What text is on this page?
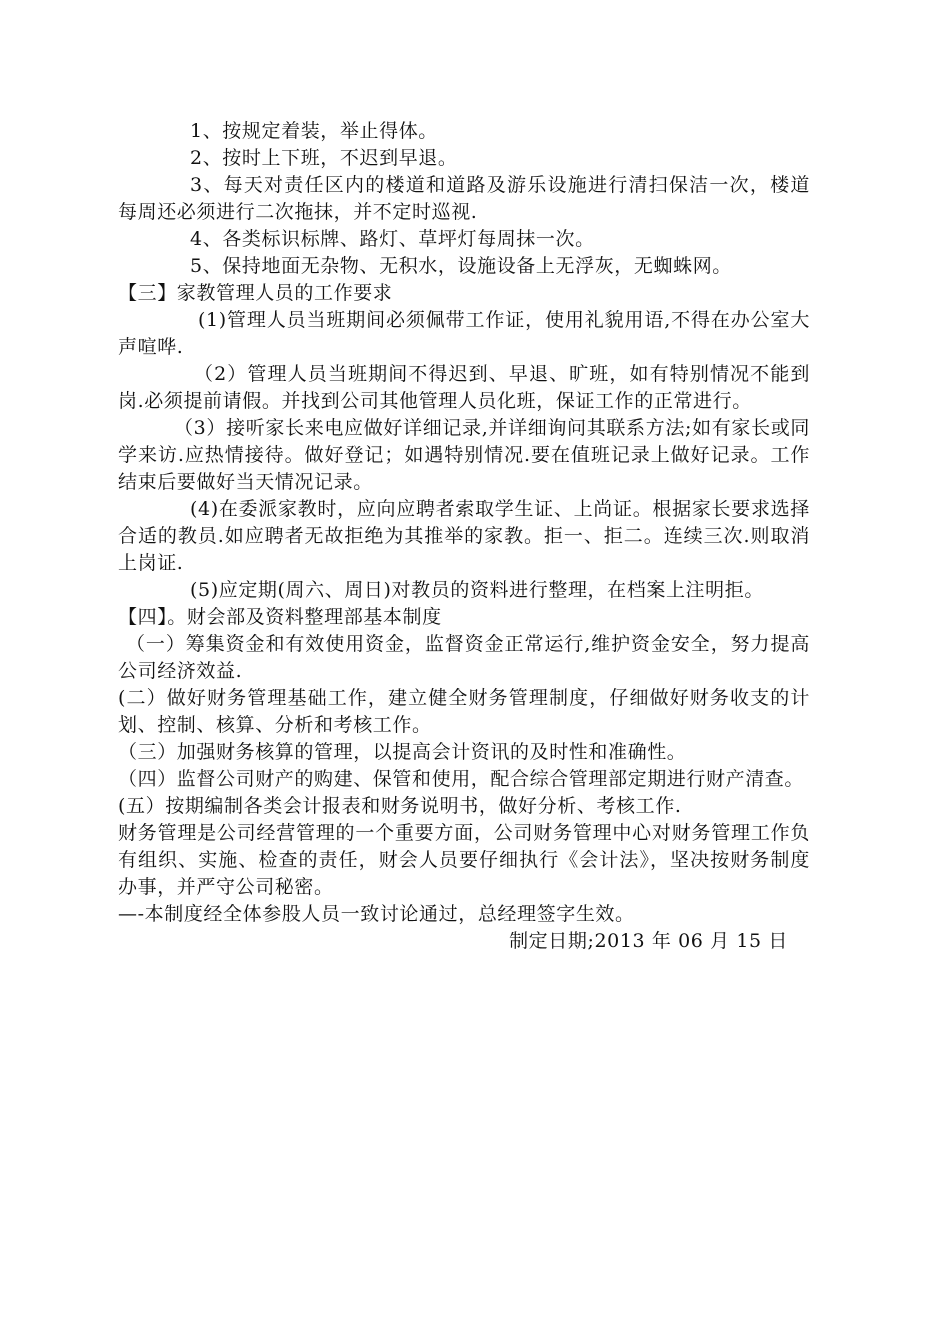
1、按规定着装，举止得体。

2、按时上下班，不迟到早退。

3、每天对责任区内的楼道和道路及游乐设施进行清扫保洁一次，楼道每周还必须进行二次拖抹，并不定时巡视.

4、各类标识标牌、路灯、草坪灯每周抹一次。

5、保持地面无杂物、无积水，设施设备上无浮灰，无蜘蛛网。

【三】家教管理人员的工作要求

(1)管理人员当班期间必须佩带工作证，使用礼貌用语,不得在办公室大声喧哗.

（2）管理人员当班期间不得迟到、早退、旷班，如有特别情况不能到岗.必须提前请假。并找到公司其他管理人员化班，保证工作的正常进行。

（3）接听家长来电应做好详细记录,并详细询问其联系方法;如有家长或同学来访.应热情接待。做好登记；如遇特别情况.要在值班记录上做好记录。工作结束后要做好当天情况记录。

(4)在委派家教时，应向应聘者索取学生证、上尚证。根据家长要求选择合适的教员.如应聘者无故拒绝为其推举的家教。拒一、拒二。连续三次.则取消上岗证.

(5)应定期(周六、周日)对教员的资料进行整理，在档案上注明拒。

【四】。财会部及资料整理部基本制度

（一）筹集资金和有效使用资金，监督资金正常运行,维护资金安全，努力提高公司经济效益.

(二）做好财务管理基础工作，建立健全财务管理制度，仔细做好财务收支的计划、控制、核算、分析和考核工作。

（三）加强财务核算的管理，以提高会计资讯的及时性和准确性。

（四）监督公司财产的购建、保管和使用，配合综合管理部定期进行财产清查。

(五）按期编制各类会计报表和财务说明书，做好分析、考核工作.

财务管理是公司经营管理的一个重要方面，公司财务管理中心对财务管理工作负有组织、实施、检查的责任，财会人员要仔细执行《会计法》，坚决按财务制度办事，并严守公司秘密。

—-本制度经全体参股人员一致讨论通过，总经理签字生效。

制定日期;2013 年 06 月 15 日
